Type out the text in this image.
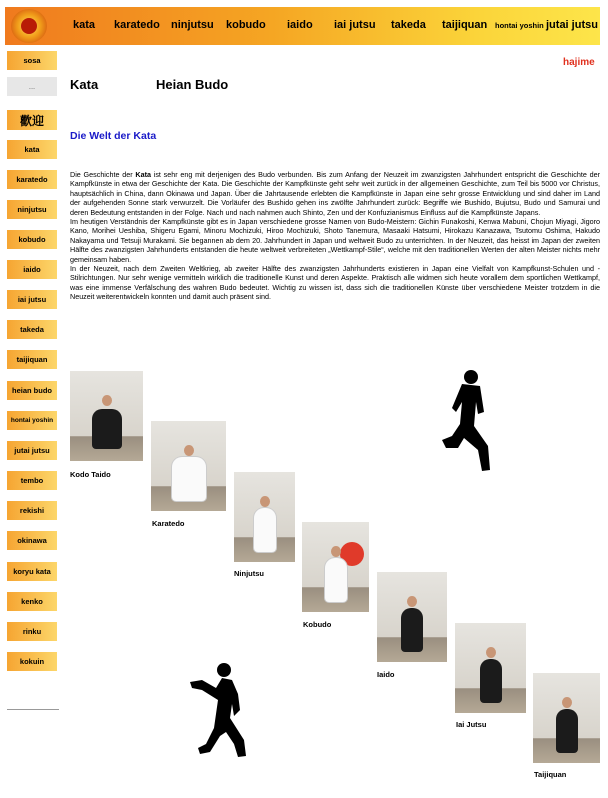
kata karatedo ninjutsu kobudo iaido iai jutsu takeda taijiquan hontai yoshin jutai jutsu
sosa
...
歡迎
kata
karatedo
ninjutsu
kobudo
iaido
iai jutsu
takeda
taijiquan
heian budo
hontai yoshin
jutai jutsu
tembo
rekishi
okinawa
koryu kata
kenko
rinku
kokuin
hajime
Kata	Heian Budo
Die Welt der Kata

Die Geschichte der Kata ist sehr eng mit derjenigen des Budo verbunden. Bis zum Anfang der Neuzeit im zwanzigsten Jahrhundert entspricht die Geschichte der Kampfkünste in etwa der Geschichte der Kata. Die Geschichte der Kampfkünste geht sehr weit zurück in der allgemeinen Geschichte, zum Teil bis 5000 vor Christus, hauptsächlich in China, dann Okinawa und Japan. Über die Jahrtausende erlebten die Kampfkünste in Japan eine sehr grosse Entwicklung und sind daher im Land der aufgehenden Sonne stark verwurzelt. Die Vorläufer des Bushido gehen ins zwölfte Jahrhundert zurück: Begriffe wie Bushido, Bujutsu, Budo und Samurai und deren Bedeutung entstanden in der Folge. Nach und nach nahmen auch Shinto, Zen und der Konfuzianismus Einfluss auf die Kampfkünste Japans.

Im heutigen Verständnis der Kampfkünste gibt es in Japan verschiedene grosse Namen von Budo-Meistern: Gichin Funakoshi, Kenwa Mabuni, Chojun Miyagi, Jigoro Kano, Morihei Ueshiba, Shigeru Egami, Minoru Mochizuki, Hiroo Mochizuki, Shoto Tanemura, Masaaki Hatsumi, Hirokazu Kanazawa, Tsutomu Oshima, Hakudo Nakayama und Tetsuji Murakami. Sie begannen ab dem 20. Jahrhundert in Japan und weltweit Budo zu unterrichten. In der Neuzeit, das heisst im Japan der zweiten Hälfte des zwanzigsten Jahrhunderts entstanden die heute weltweit verbreiteten „Wettkampf-Stile“, welche mit den traditionellen Werten der alten Meister nichts mehr gemeinsam haben.

In der Neuzeit, nach dem Zweiten Weltkrieg, ab zweiter Hälfte des zwanzigsten Jahrhunderts existieren in Japan eine Vielfalt von Kampfkunst-Schulen und -Stilrichtungen. Nur sehr wenige vermitteln wirklich die traditionelle Kunst und deren Aspekte. Praktisch alle widmen sich heute vorallem dem sportlichen Wettkampf, was eine immense Verfälschung des wahren Budo bedeutet. Wichtig zu wissen ist, dass sich die traditionellen Künste über verschiedene Meister trotzdem in die Neuzeit weiterentwickeln konnten und damit auch präsent sind.

Kodo Taido
Karatedo
Ninjutsu
Kobudo
Iaido
Iai Jutsu
Taijiquan
